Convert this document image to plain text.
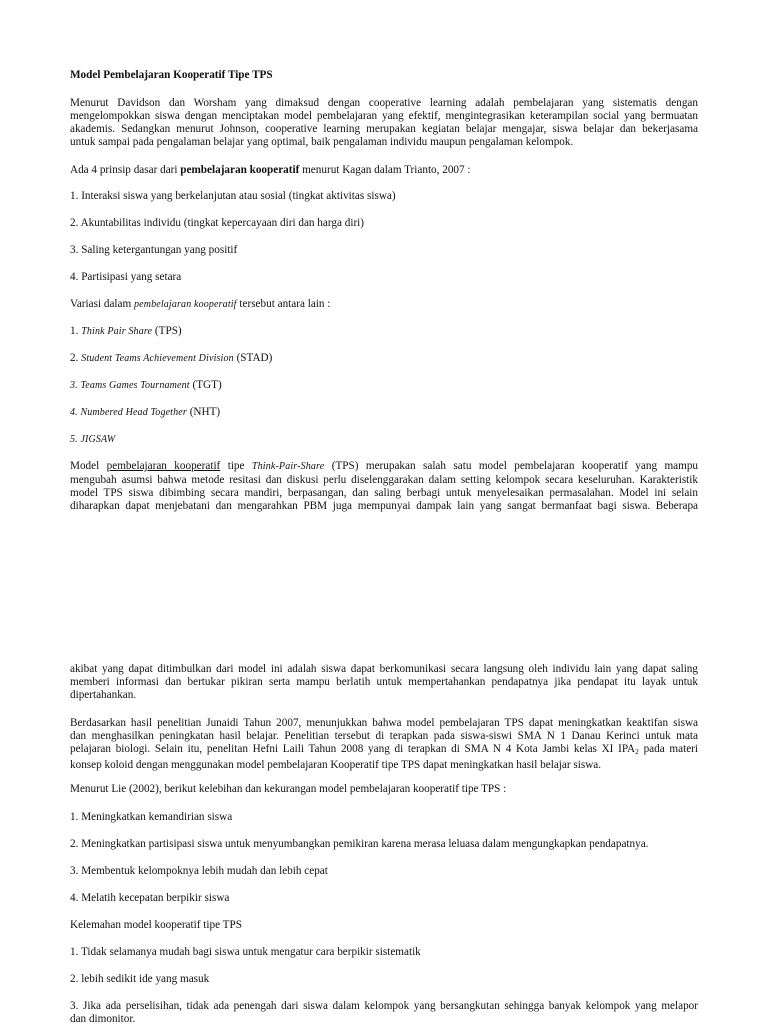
Model Pembelajaran Kooperatif Tipe TPS

Menurut Davidson dan Worsham yang dimaksud dengan cooperative learning adalah pembelajaran yang sistematis dengan
mengelompokkan siswa dengan menciptakan model pembelajaran yang efektif, mengintegrasikan keterampilan social yang bermuatan
akademis. Sedangkan menurut Johnson, cooperative learning merupakan kegiatan belajar mengajar, siswa belajar dan bekerjasama
untuk sampai pada pengalaman belajar yang optimal, baik pengalaman individu maupun pengalaman kelompok.

Ada 4 prinsip dasar dari pembelajaran kooperatif menurut Kagan dalam Trianto, 2007 :

1. Interaksi siswa yang berkelanjutan atau sosial (tingkat aktivitas siswa)

2. Akuntabilitas individu (tingkat kepercayaan diri dan harga diri)

3. Saling ketergantungan yang positif

4. Partisipasi yang setara

Variasi dalam pembelajaran kooperatif tersebut antara lain :

1. Think Pair Share (TPS)

2. Student Teams Achievement Division (STAD)

3. Teams Games Tournament (TGT)

4. Numbered Head Together (NHT)

5. JIGSAW

Model pembelajaran kooperatif tipe Think-Pair-Share (TPS) merupakan salah satu model pembelajaran kooperatif yang mampu
mengubah asumsi bahwa metode resitasi dan diskusi perlu diselenggarakan dalam setting kelompok secara keseluruhan. Karakteristik
model TPS siswa dibimbing secara mandiri, berpasangan, dan saling berbagi untuk menyelesaikan permasalahan. Model ini selain
diharapkan dapat menjebatani dan mengarahkan PBM juga mempunyai dampak lain yang sangat bermanfaat bagi siswa. Beberapa

akibat yang dapat ditimbulkan dari model ini adalah siswa dapat berkomunikasi secara langsung oleh individu lain yang dapat saling
memberi informasi dan bertukar pikiran serta mampu berlatih untuk mempertahankan pendapatnya jika pendapat itu layak untuk
dipertahankan.

Berdasarkan hasil penelitian Junaidi Tahun 2007, menunjukkan bahwa model pembelajaran TPS dapat meningkatkan keaktifan siswa
dan menghasilkan peningkatan hasil belajar. Penelitian tersebut di terapkan pada siswa-siswi SMA N 1 Danau Kerinci untuk mata
pelajaran biologi. Selain itu, penelitan Hefni Laili Tahun 2008 yang di terapkan di SMA N 4 Kota Jambi kelas XI $IPA_2$ pada materi
konsep koloid dengan menggunakan model pembelajaran Kooperatif tipe TPS dapat meningkatkan hasil belajar siswa.

Menurut Lie (2002), berikut kelebihan dan kekurangan model pembelajaran kooperatif tipe TPS :

1. Meningkatkan kemandirian siswa

2. Meningkatkan partisipasi siswa untuk menyumbangkan pemikiran karena merasa leluasa dalam mengungkapkan pendapatnya.

3. Membentuk kelompoknya lebih mudah dan lebih cepat

4. Melatih kecepatan berpikir siswa

Kelemahan model kooperatif tipe TPS

1. Tidak selamanya mudah bagi siswa untuk mengatur cara berpikir sistematik

2. lebih sedikit ide yang masuk

3. Jika ada perselisihan, tidak ada penengah dari siswa dalam kelompok yang bersangkutan sehingga banyak kelompok yang melapor
dan dimonitor.
